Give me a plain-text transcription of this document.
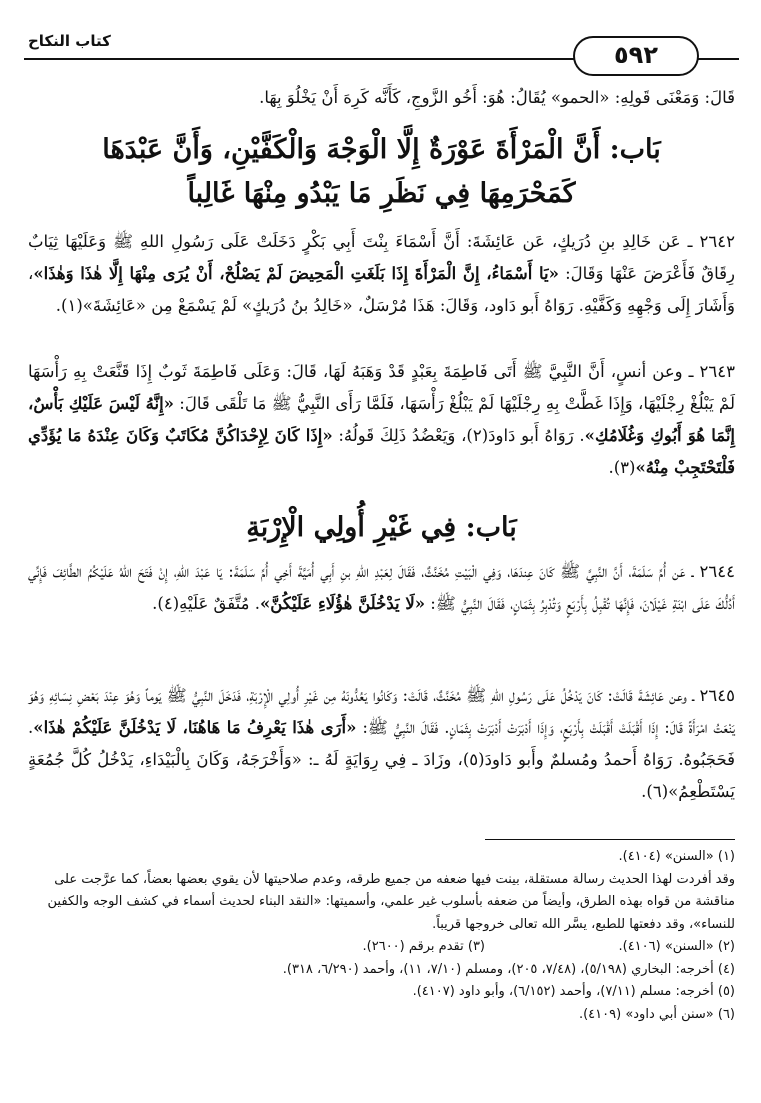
كتاب النكاح	٥٩٢
قَالَ: وَمَعْنَى قَولِهِ: «الحمو» يُقَالُ: هُوَ: أَخُو الزَّوجِ، كَأَنَّه كَرِهَ أَنْ يَخْلُوَ بِهَا.
بَاب: أَنَّ الْمَرْأَةَ عَوْرَةٌ إِلَّا الْوَجْهَ وَالْكَفَّيْنِ، وَأَنَّ عَبْدَهَا
كَمَحْرَمِهَا فِي نَظَرِ مَا يَبْدُو مِنْهَا غَالِباً
٢٦٤٢ ـ عَن خَالِدِ بنِ دُرَيكٍ، عَن عَائِشَةَ: أَنَّ أَسْمَاءَ بِنْتَ أَبِي بَكْرٍ دَخَلَتْ عَلَى رَسُولِ اللهِ ﷺ وَعَلَيْهَا ثِيَابٌ رِقَاقٌ فَأَعْرَضَ عَنْهَا وَقَالَ: «يَا أَسْمَاءُ، إِنَّ الْمَرْأَةَ إِذَا بَلَغَتِ الْمَحِيضَ لَمْ يَصْلُحْ، أَنْ يُرَى مِنْهَا إِلَّا هٰذَا وَهٰذَا»، وَأَشَارَ إِلَى وَجْهِهِ وَكَفَّيْهِ. رَوَاهُ أَبو دَاود، وَقَالَ: هَذَا مُرْسَلٌ، «خَالِدُ بنُ دُرَيكٍ» لَمْ يَسْمَعْ مِن «عَائِشَةَ»(١).
٢٦٤٣ ـ وعن أنسٍ، أَنَّ النَّبِيَّ ﷺ أَتَى فَاطِمَةَ بِعَبْدٍ قَدْ وَهَبَهُ لَهَا، قَالَ: وَعَلَى فَاطِمَةَ ثَوبٌ إِذَا قَنَّعَتْ بِهِ رَأْسَهَا لَمْ يَبْلُغْ رِجْلَيْهَا، وَإِذَا غَطَّتْ بِهِ رِجْلَيْهَا لَمْ يَبْلُغْ رَأْسَهَا، فَلَمَّا رَأَى النَّبِيُّ ﷺ مَا تَلْقَى قَالَ: «إِنَّهُ لَيْسَ عَلَيْكِ بَأْسٌ، إِنَّمَا هُوَ أَبُوكِ وَغُلَامُكِ». رَوَاهُ أَبو دَاودَ(٢)، وَيَعْضُدُ ذَلِكَ قَولُهُ: «إِذَا كَانَ لِإِحْدَاكُنَّ مُكَاتَبٌ وَكَانَ عِنْدَهُ مَا يُؤَدِّي فَلْتَحْتَجِبْ مِنْهُ»(٣).
بَاب: فِي غَيْرِ أُولِي الْإِرْبَةِ
٢٦٤٤ ـ عَن أُمِّ سَلَمَةَ، أَنَّ النَّبِيَّ ﷺ كَانَ عِندَهَا، وَفِي الْبَيْتِ مُخَنَّثٌ، فَقَالَ لِعَبْدِ اللهِ بنِ أَبِي أُمَيَّةَ أَخِي أُمِّ سَلَمَةَ: يَا عَبْدَ اللهِ، إِنْ فَتَحَ اللهُ عَلَيْكُمُ الطَّائِفَ فَإِنِّي أَدُلُّكَ عَلَى ابْنَةِ غَيْلَانَ، فَإِنَّهَا تُقْبِلُ بِأَرْبَعٍ وَتُدْبِرُ بِثَمَانٍ، فَقَالَ النَّبِيُّ ﷺ: «لَا يَدْخُلَنَّ هٰؤُلَاءِ عَلَيْكُنَّ». مُتَّفَقٌ عَلَيْهِ(٤).
٢٦٤٥ ـ وعن عَائِشَةَ قَالَتْ: كَانَ يَدْخُلُ عَلَى رَسُولِ اللهِ ﷺ مُخَنَّثٌ، قَالَتْ: وَكَانُوا يَعُدُّونَهُ مِن غَيْرِ أُولِي الْإِرْبَةِ، فَدَخَلَ النَّبِيُّ ﷺ يَوماً وَهُوَ عِنْدَ بَعْضِ نِسَائِهِ وَهُوَ يَنْعَتُ امْرَأَةً قَالَ: إِذَا أَقْبَلَتْ أَقْبَلَتْ بِأَرْبَعٍ، وَإِذَا أَدْبَرَتْ أَدْبَرَتْ بِثَمَانٍ. فَقَالَ النَّبِيُّ ﷺ: «أَرَى هٰذَا يَعْرِفُ مَا هَاهُنَا، لَا يَدْخُلَنَّ عَلَيْكُمْ هٰذَا». فَحَجَبُوهُ. رَوَاهُ أَحمدُ ومُسلمٌ وأَبو دَاودَ(٥)، وزَادَ ـ فِي رِوَايَةٍ لَهُ ـ: «وَأَخْرَجَهُ، وَكَانَ بِالْبَيْدَاءِ، يَدْخُلُ كُلَّ جُمُعَةٍ يَسْتَطْعِمُ»(٦).
(١) «السنن» (٤١٠٤).
وقد أفردت لهذا الحديث رسالة مستقلة، بينت فيها ضعفه من جميع طرقه، وعدم صلاحيتها لأن يقوي بعضها بعضاً، كما عرَّجت على مناقشة من قواه بهذه الطرق، وأيضاً من ضعفه بأسلوب غير علمي، وأسميتها: «النقد البناء لحديث أسماء في كشف الوجه والكفين للنساء»، وقد دفعتها للطبع، يسَّر الله تعالى خروجها قريباً.
(٢) «السنن» (٤١٠٦).
(٣) تقدم برقم (٢٦٠٠).
(٤) أخرجه: البخاري (٥/١٩٨)، (٧/٤٨، ٢٠٥)، ومسلم (٧/١٠، ١١)، وأحمد (٦/٢٩٠، ٣١٨).
(٥) أخرجه: مسلم (٧/١١)، وأحمد (٦/١٥٢)، وأبو داود (٤١٠٧).
(٦) «سنن أبي داود» (٤١٠٩).
